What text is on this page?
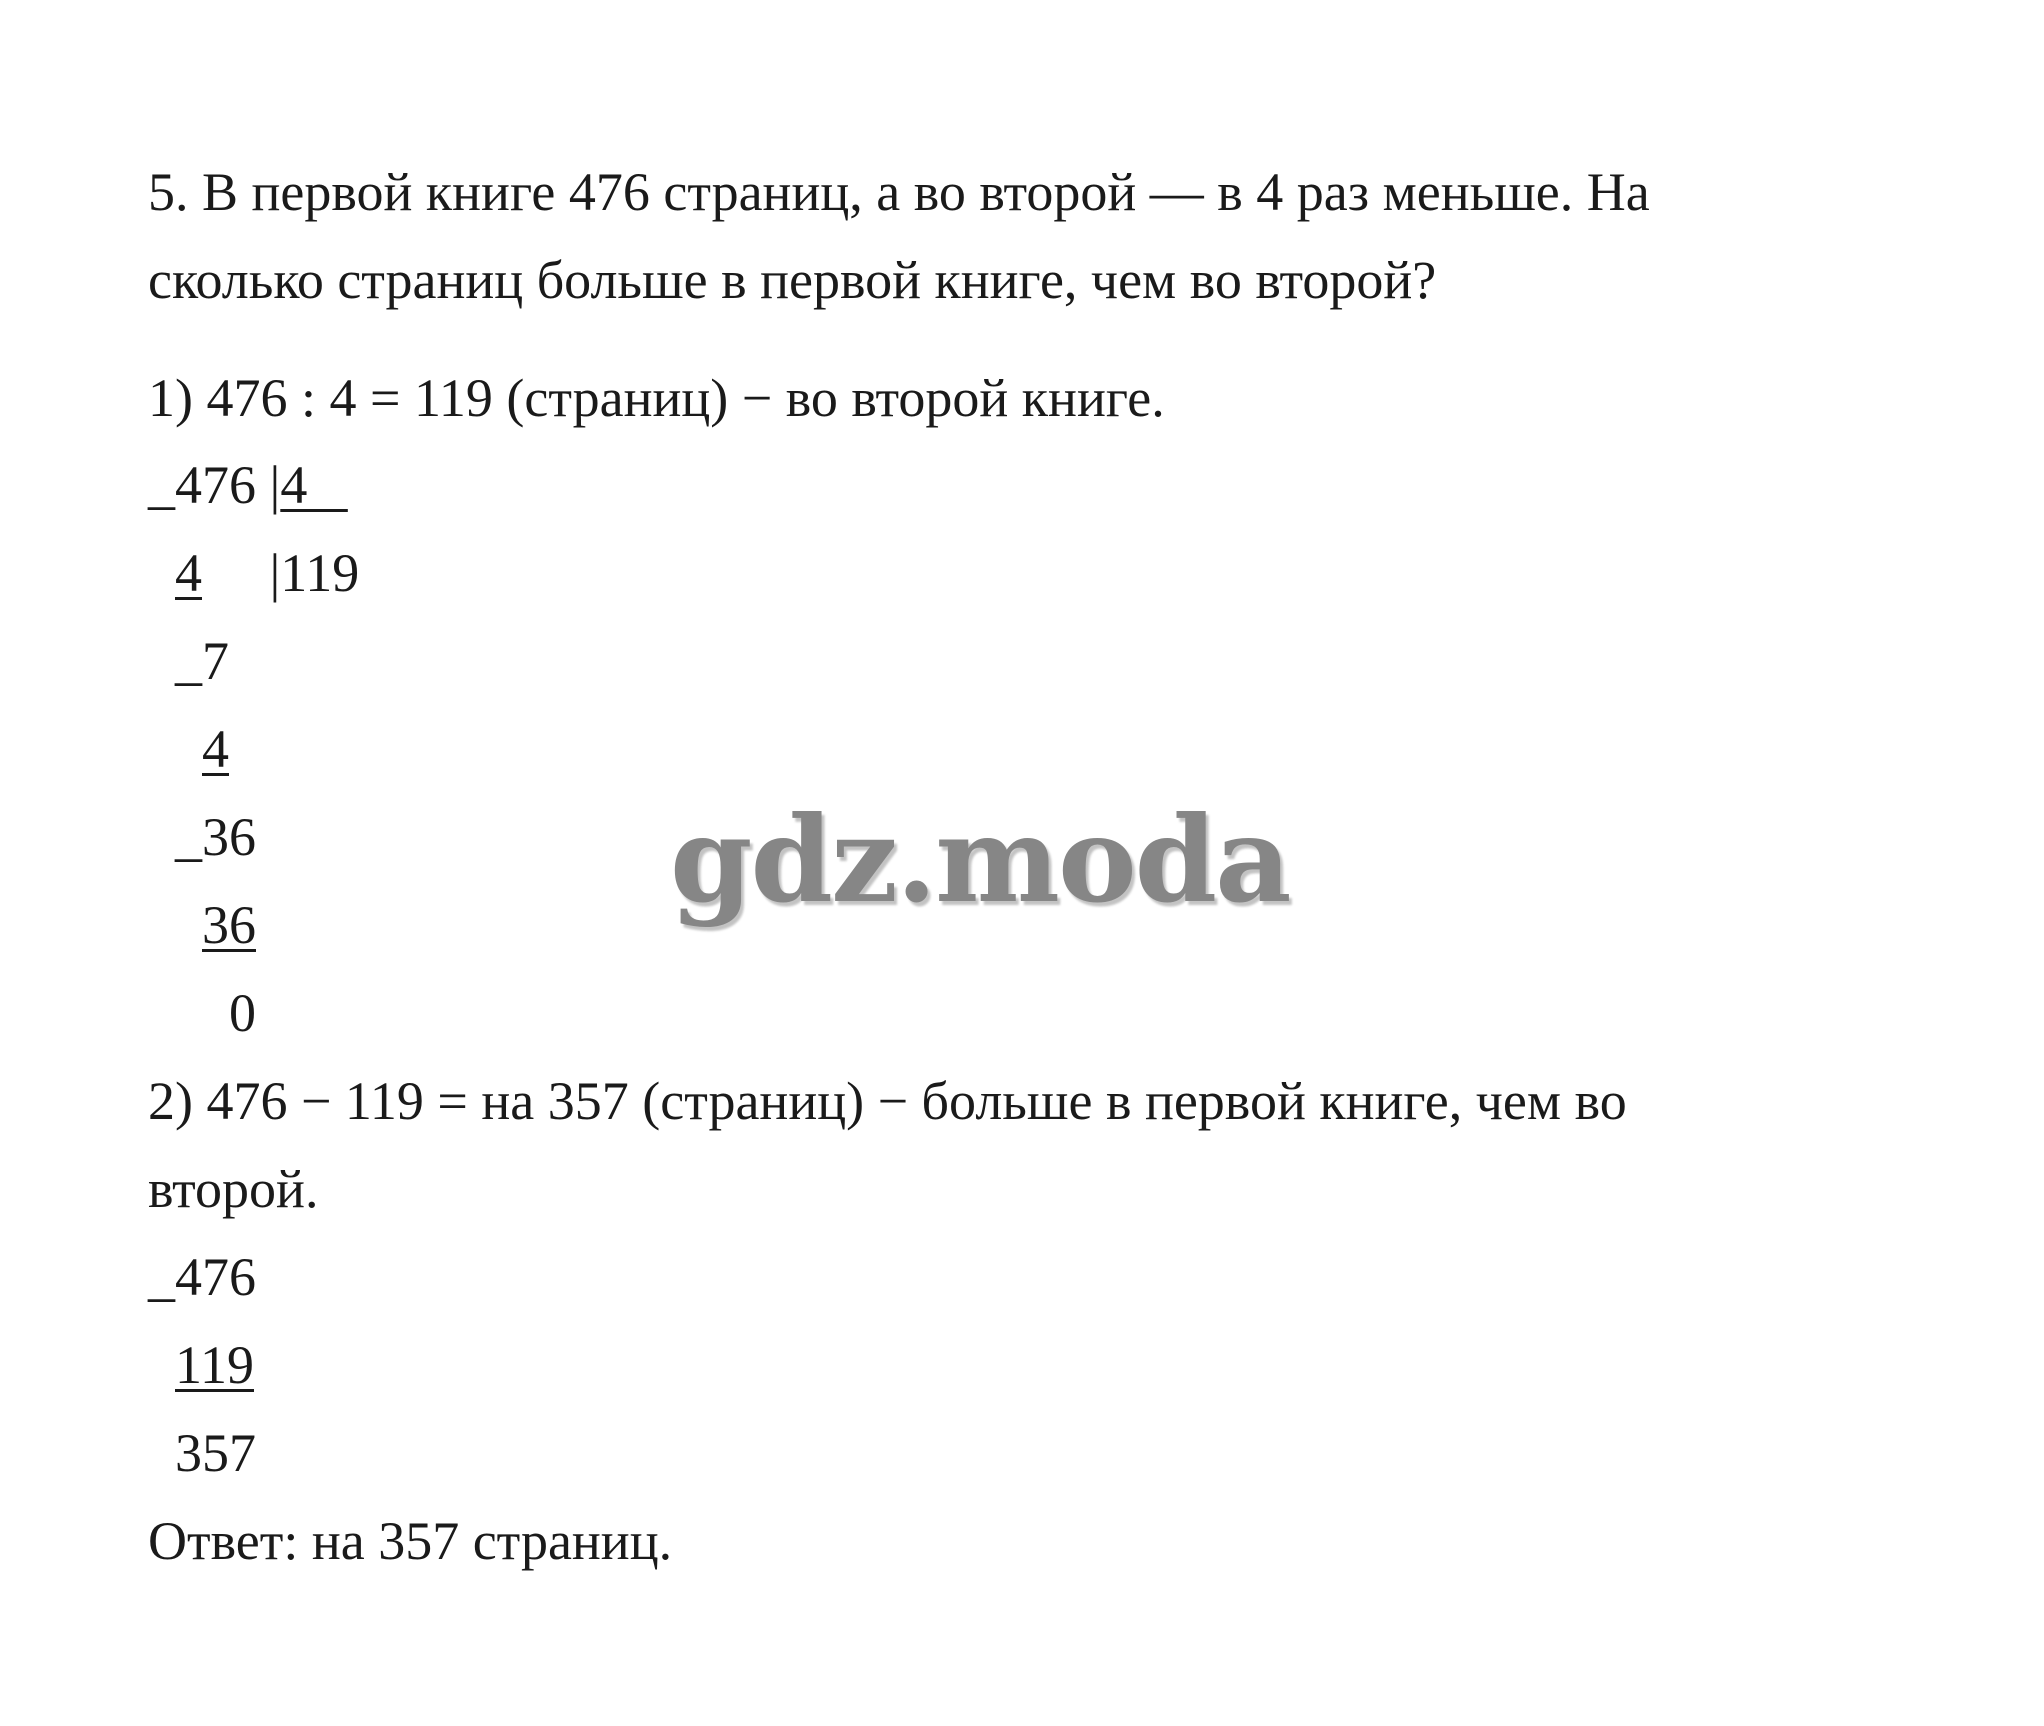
5. В первой книге 476 страниц, а во второй — в 4 раз меньше. На

сколько страниц больше в первой книге, чем во второй?

1) 476 : 4 = 119 (страниц) − во второй книге.

_476 |4

4     |119

_7

4

_36

36

0

2) 476 − 119 = на 357 (страниц) − больше в первой книге, чем во

второй.

_476

119

357

Ответ: на 357 страниц.

gdz.moda
